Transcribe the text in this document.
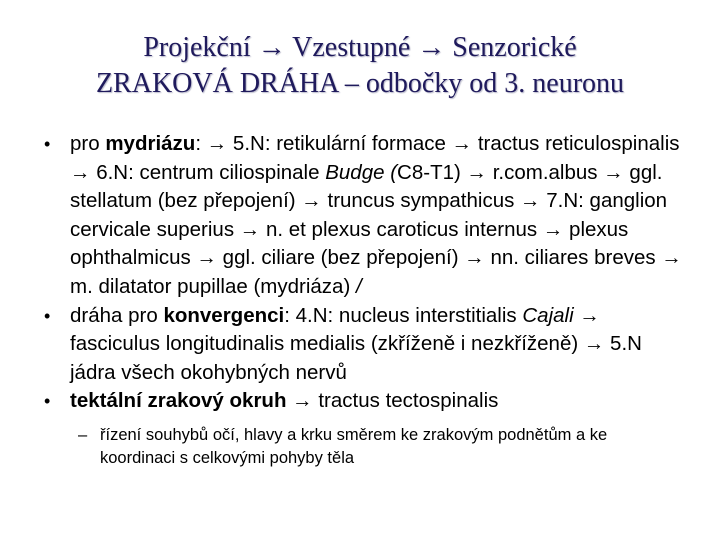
Projekční → Vzestupné → Senzorické
ZRAKOVÁ DRÁHA – odbočky od 3. neuronu

• pro mydriázu: → 5.N: retikulární formace → tractus reticulospinalis → 6.N: centrum ciliospinale Budge (C8-T1) → r.com.albus → ggl. stellatum (bez přepojení) → truncus sympathicus → 7.N: ganglion cervicale superius → n. et plexus caroticus internus → plexus ophthalmicus → ggl. ciliare (bez přepojení) → nn. ciliares breves → m. dilatator pupillae (mydriáza) /

• dráha pro konvergenci: 4.N: nucleus interstitialis Cajali → fasciculus longitudinalis medialis (zkříženě i nezkříženě) → 5.N jádra všech okohybných nervů

• tektální zrakový okruh → tractus tectospinalis

– řízení souhybů očí, hlavy a krku směrem ke zrakovým podnětům a ke koordinaci s celkovými pohyby těla
